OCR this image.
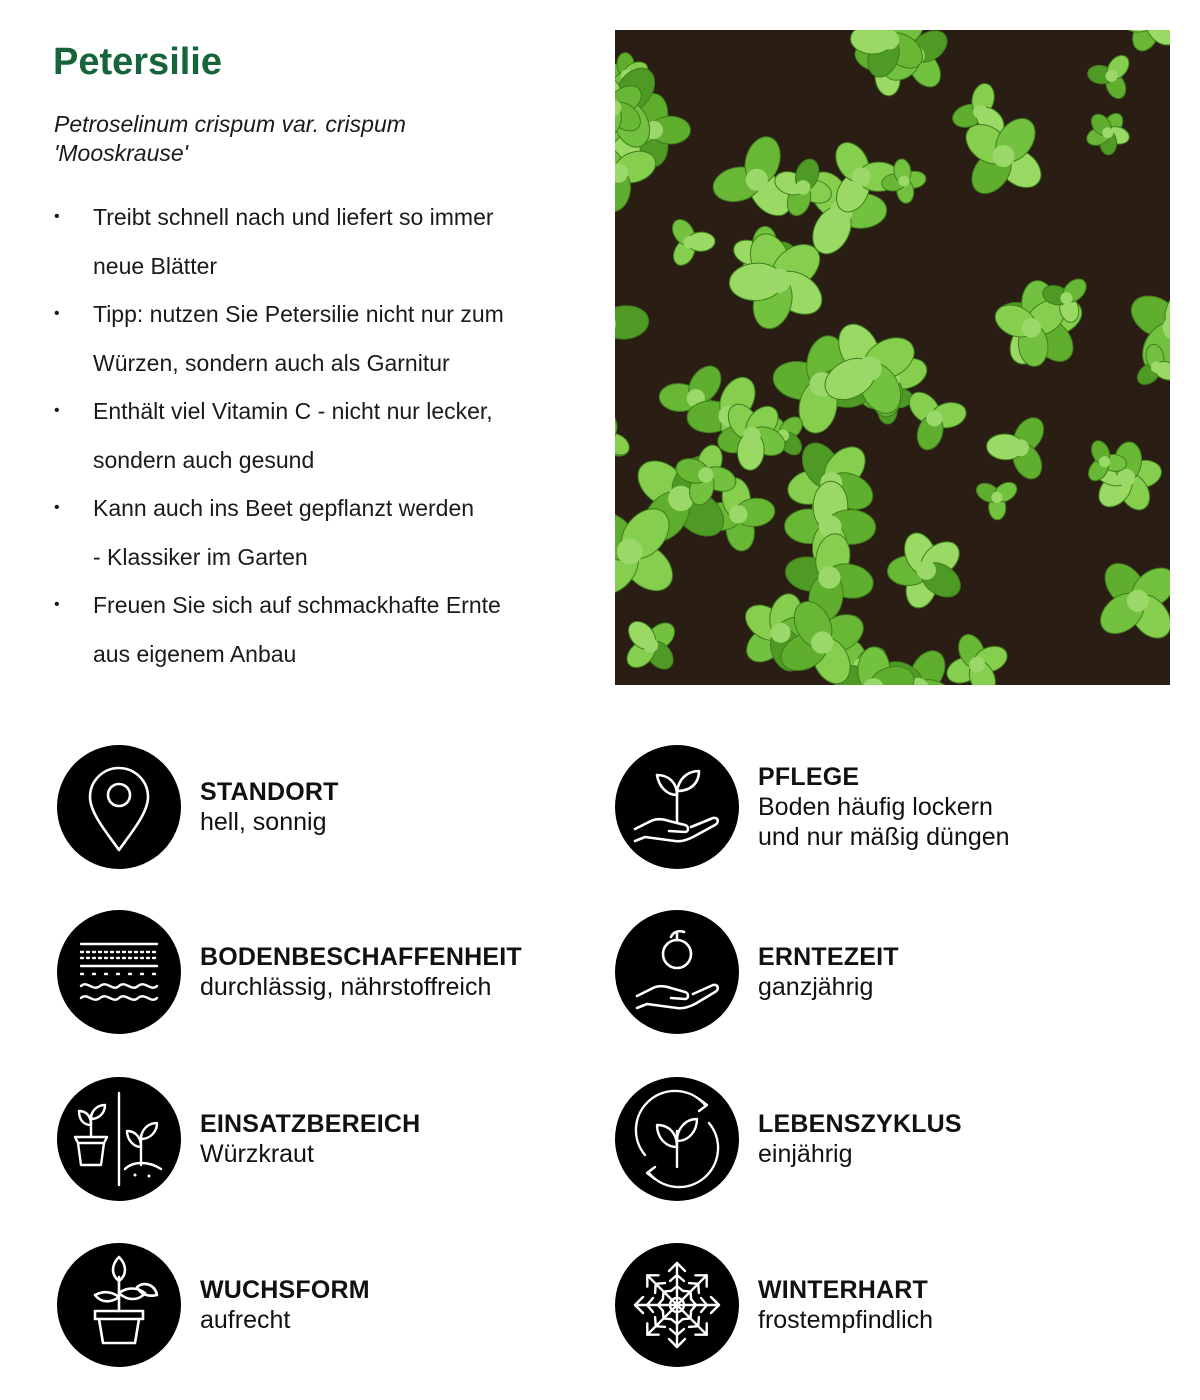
Petersilie

Petroselinum crispum var. crispum
'Mooskrause'

• Treibt schnell nach und liefert so immer
neue Blätter
• Tipp: nutzen Sie Petersilie nicht nur zum
Würzen, sondern auch als Garnitur
• Enthält viel Vitamin C - nicht nur lecker,
sondern auch gesund
• Kann auch ins Beet gepflanzt werden
- Klassiker im Garten
• Freuen Sie sich auf schmackhafte Ernte
aus eigenem Anbau
STANDORT
hell, sonnig
PFLEGE
Boden häufig lockern
und nur mäßig düngen
BODENBESCHAFFENHEIT
durchlässig, nährstoffreich
ERNTEZEIT
ganzjährig
EINSATZBEREICH
Würzkraut
LEBENSZYKLUS
einjährig
WUCHSFORM
aufrecht
WINTERHART
frostempfindlich
